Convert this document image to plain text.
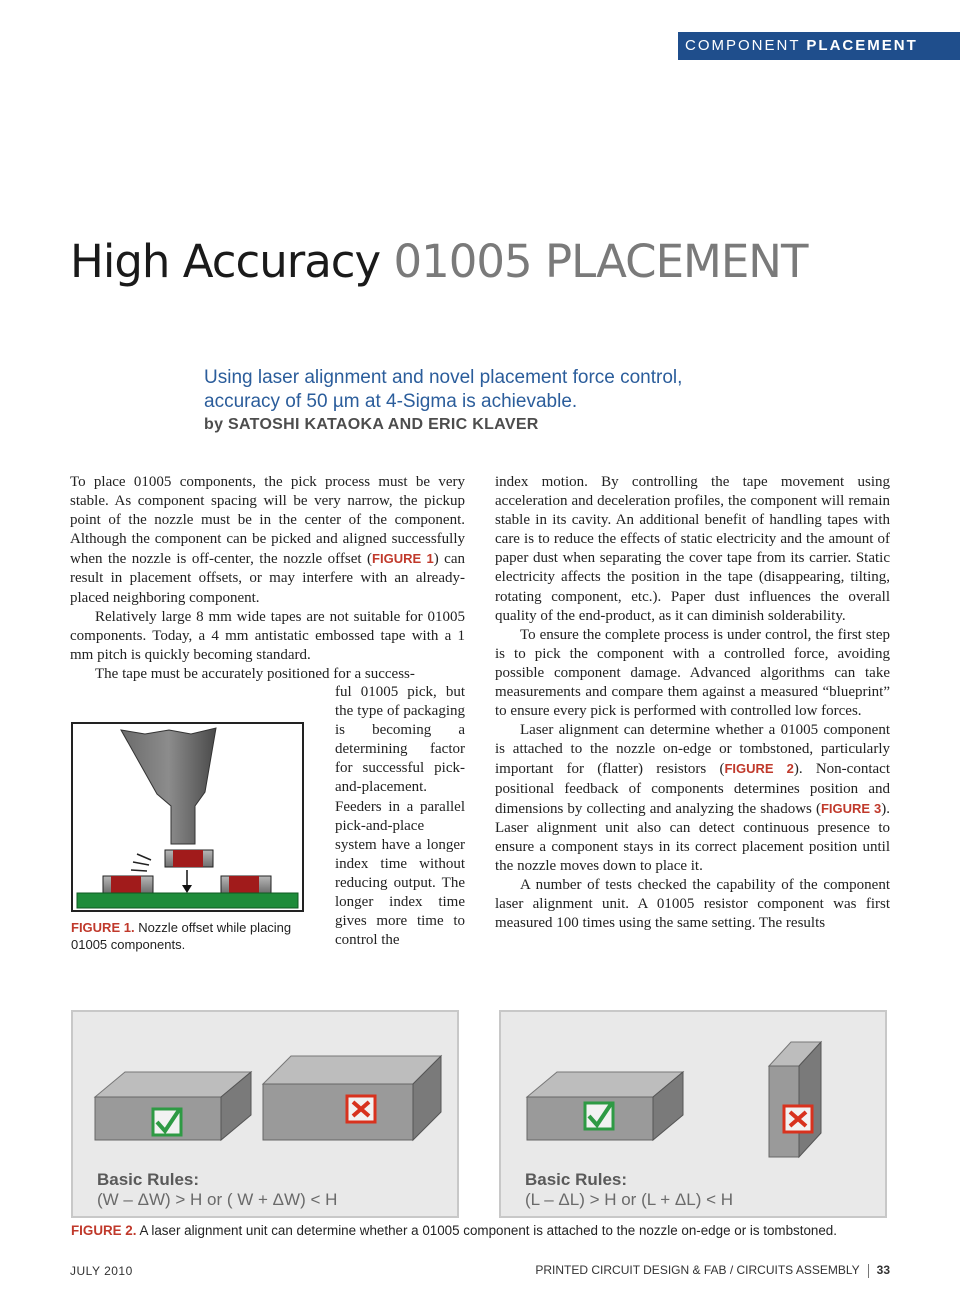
COMPONENT PLACEMENT
High Accuracy 01005 PLACEMENT
Using laser alignment and novel placement force control,
accuracy of 50 µm at 4-Sigma is achievable.
by SATOSHI KATAOKA AND ERIC KLAVER

To place 01005 components, the pick process must be very stable. As component spacing will be very narrow, the pickup point of the nozzle must be in the center of the component. Although the component can be picked and aligned successfully when the nozzle is off-center, the nozzle offset (FIGURE 1) can result in placement offsets, or may interfere with an already-placed neighboring component.

Relatively large 8 mm wide tapes are not suitable for 01005 components. Today, a 4 mm antistatic embossed tape with a 1 mm pitch is quickly becoming standard.

The tape must be accurately positioned for a success-

ful 01005 pick, but the type of packaging is becoming a determining factor for successful pick-and-placement. Feeders in a parallel pick-and-place system have a longer index time without reducing output. The longer index time gives more time to control the

FIGURE 1. Nozzle offset while placing 01005 components.

index motion. By controlling the tape movement using acceleration and deceleration profiles, the component will remain stable in its cavity. An additional benefit of handling tapes with care is to reduce the effects of static electricity and the amount of paper dust when separating the cover tape from its carrier. Static electricity affects the position in the tape (disappearing, tilting, rotating component, etc.). Paper dust influences the overall quality of the end-product, as it can diminish solderability.

To ensure the complete process is under control, the first step is to pick the component with a controlled force, avoiding possible component damage. Advanced algorithms can take measurements and compare them against a measured “blueprint” to ensure every pick is performed with controlled low forces.

Laser alignment can determine whether a 01005 component is attached to the nozzle on-edge or tombstoned, particularly important for (flatter) resistors (FIGURE 2). Non-contact positional feedback of components determines position and dimensions by collecting and analyzing the shadows (FIGURE 3). Laser alignment unit also can detect continuous presence to ensure a component stays in its correct placement position until the nozzle moves down to place it.

A number of tests checked the capability of the component laser alignment unit. A 01005 resistor component was first measured 100 times using the same setting. The results

Basic Rules:
(W – ΔW) > H or ( W + ΔW) < H
Basic Rules:
(L – ΔL) > H or (L + ΔL) < H
FIGURE 2. A laser alignment unit can determine whether a 01005 component is attached to the nozzle on-edge or is tombstoned.
JULY 2010	PRINTED CIRCUIT DESIGN & FAB / CIRCUITS ASSEMBLY 33
